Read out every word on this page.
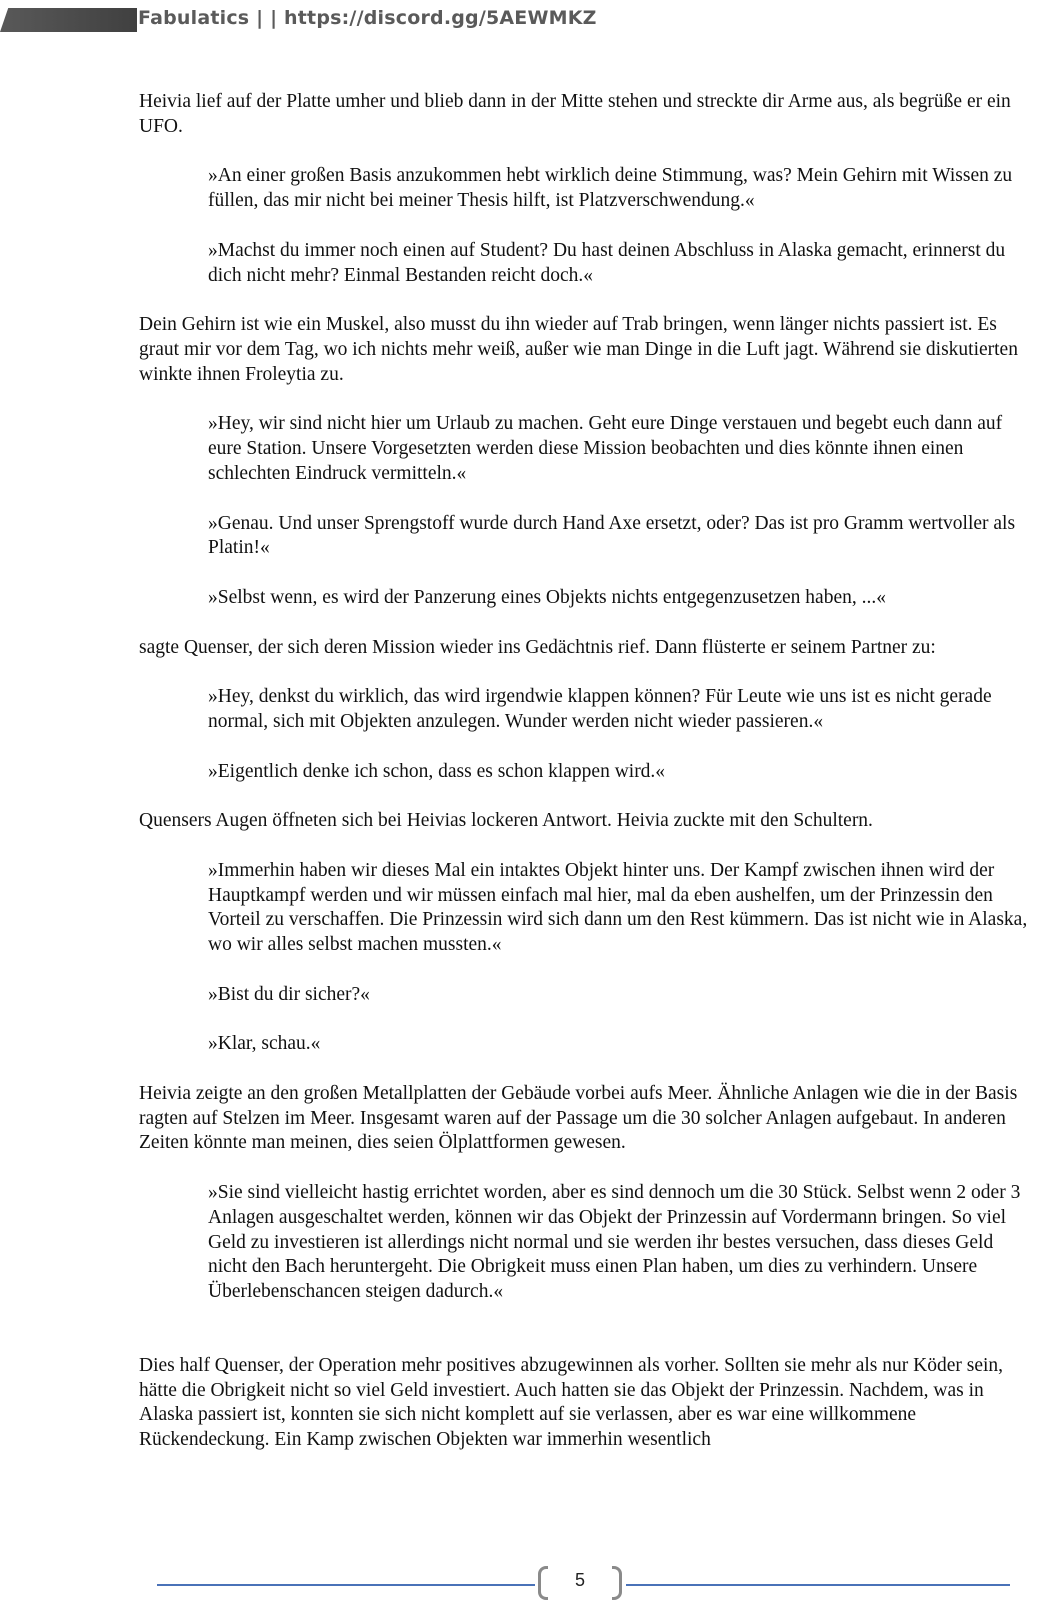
Fabulatics | | https://discord.gg/5AEWMKZ

Heivia lief auf der Platte umher und blieb dann in der Mitte stehen und streckte dir Arme aus, als begrüße er ein UFO.

»An einer großen Basis anzukommen hebt wirklich deine Stimmung, was? Mein Gehirn mit Wissen zu füllen, das mir nicht bei meiner Thesis hilft, ist Platzverschwendung.«

»Machst du immer noch einen auf Student? Du hast deinen Abschluss in Alaska gemacht, erinnerst du dich nicht mehr? Einmal Bestanden reicht doch.«

Dein Gehirn ist wie ein Muskel, also musst du ihn wieder auf Trab bringen, wenn länger nichts passiert ist. Es graut mir vor dem Tag, wo ich nichts mehr weiß, außer wie man Dinge in die Luft jagt. Während sie diskutierten winkte ihnen Froleytia zu.

»Hey, wir sind nicht hier um Urlaub zu machen. Geht eure Dinge verstauen und begebt euch dann auf eure Station. Unsere Vorgesetzten werden diese Mission beobachten und dies könnte ihnen einen schlechten Eindruck vermitteln.«

»Genau. Und unser Sprengstoff wurde durch Hand Axe ersetzt, oder? Das ist pro Gramm wertvoller als Platin!«

»Selbst wenn, es wird der Panzerung eines Objekts nichts entgegenzusetzen haben, ...«

sagte Quenser, der sich deren Mission wieder ins Gedächtnis rief. Dann flüsterte er seinem Partner zu:

»Hey, denkst du wirklich, das wird irgendwie klappen können? Für Leute wie uns ist es nicht gerade normal, sich mit Objekten anzulegen. Wunder werden nicht wieder passieren.«

»Eigentlich denke ich schon, dass es schon klappen wird.«

Quensers Augen öffneten sich bei Heivias lockeren Antwort. Heivia zuckte mit den Schultern.

»Immerhin haben wir dieses Mal ein intaktes Objekt hinter uns. Der Kampf zwischen ihnen wird der Hauptkampf werden und wir müssen einfach mal hier, mal da eben aushelfen, um der Prinzessin den Vorteil zu verschaffen. Die Prinzessin wird sich dann um den Rest kümmern. Das ist nicht wie in Alaska, wo wir alles selbst machen mussten.«

»Bist du dir sicher?«

»Klar, schau.«

Heivia zeigte an den großen Metallplatten der Gebäude vorbei aufs Meer. Ähnliche Anlagen wie die in der Basis ragten auf Stelzen im Meer. Insgesamt waren auf der Passage um die 30 solcher Anlagen aufgebaut. In anderen Zeiten könnte man meinen, dies seien Ölplattformen gewesen.

»Sie sind vielleicht hastig errichtet worden, aber es sind dennoch um die 30 Stück. Selbst wenn 2 oder 3 Anlagen ausgeschaltet werden, können wir das Objekt der Prinzessin auf Vordermann bringen. So viel Geld zu investieren ist allerdings nicht normal und sie werden ihr bestes versuchen, dass dieses Geld nicht den Bach heruntergeht. Die Obrigkeit muss einen Plan haben, um dies zu verhindern. Unsere Überlebenschancen steigen dadurch.«

Dies half Quenser, der Operation mehr positives abzugewinnen als vorher. Sollten sie mehr als nur Köder sein, hätte die Obrigkeit nicht so viel Geld investiert. Auch hatten sie das Objekt der Prinzessin. Nachdem, was in Alaska passiert ist, konnten sie sich nicht komplett auf sie verlassen, aber es war eine willkommene Rückendeckung. Ein Kamp zwischen Objekten war immerhin wesentlich

5
